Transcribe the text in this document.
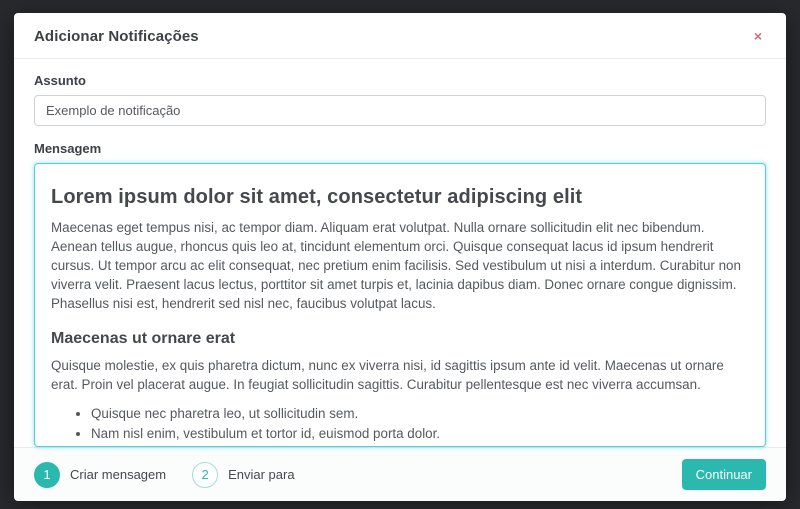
Adicionar Notificações	×
Assunto
Exemplo de notificação
Mensagem
Lorem ipsum dolor sit amet, consectetur adipiscing elit

Maecenas eget tempus nisi, ac tempor diam. Aliquam erat volutpat. Nulla ornare sollicitudin elit nec bibendum. Aenean tellus augue, rhoncus quis leo at, tincidunt elementum orci. Quisque consequat lacus id ipsum hendrerit cursus. Ut tempor arcu ac elit consequat, nec pretium enim facilisis. Sed vestibulum ut nisi a interdum. Curabitur non viverra velit. Praesent lacus lectus, porttitor sit amet turpis et, lacinia dapibus diam. Donec ornare congue dignissim. Phasellus nisi est, hendrerit sed nisl nec, faucibus volutpat lacus.

Maecenas ut ornare erat

Quisque molestie, ex quis pharetra dictum, nunc ex viverra nisi, id sagittis ipsum ante id velit. Maecenas ut ornare erat. Proin vel placerat augue. In feugiat sollicitudin sagittis. Curabitur pellentesque est nec viverra accumsan.

• Quisque nec pharetra leo, ut sollicitudin sem.
• Nam nisl enim, vestibulum et tortor id, euismod porta dolor.
•

1	Criar mensagem	2	Enviar para	Continuar
